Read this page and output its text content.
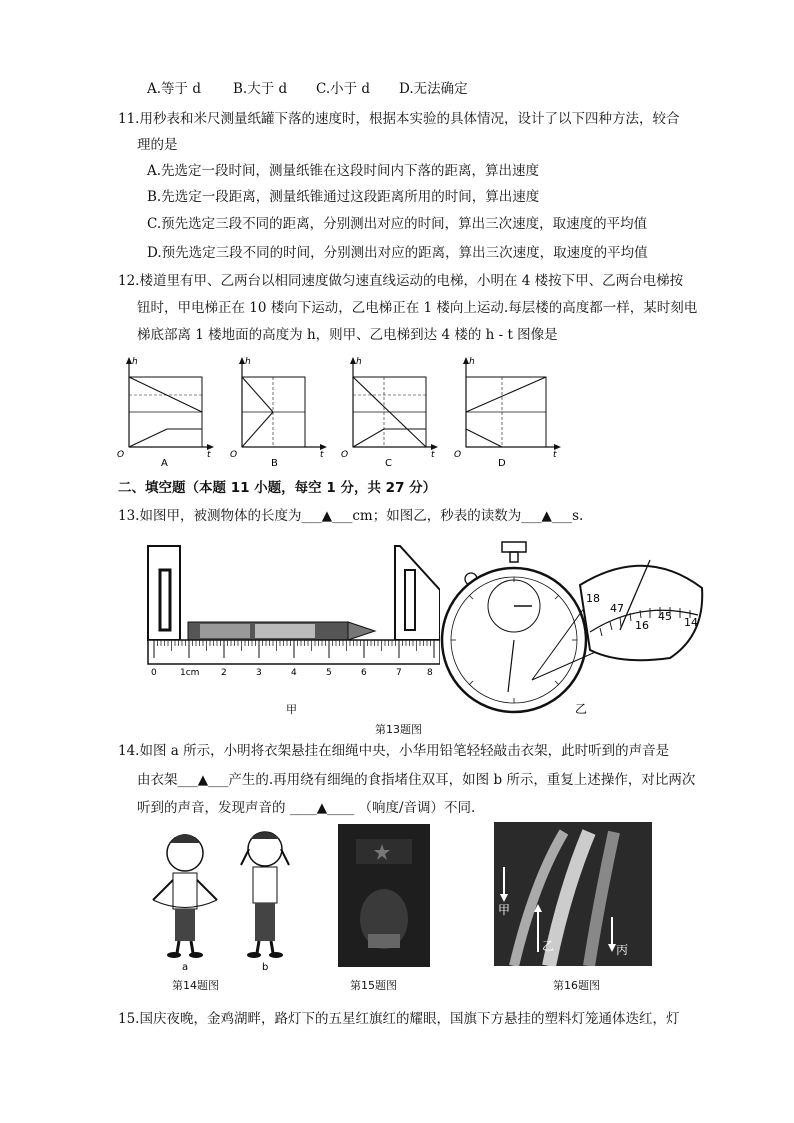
A.等于 d B.大于 d C.小于 d D.无法确定
11.用秒表和米尺测量纸罐下落的速度时，根据本实验的具体情况，设计了以下四种方法，较合
理的是
A.先选定一段时间，测量纸锥在这段时间内下落的距离，算出速度
B.先选定一段距离，测量纸锥通过这段距离所用的时间，算出速度
C.预先选定三段不同的距离，分别测出对应的时间，算出三次速度，取速度的平均值
D.预先选定三段不同的时间，分别测出对应的距离，算出三次速度，取速度的平均值
12.楼道里有甲、乙两台以相同速度做匀速直线运动的电梯，小明在 4 楼按下甲、乙两台电梯按
钮时，甲电梯正在 10 楼向下运动，乙电梯正在 1 楼向上运动.每层楼的高度都一样，某时刻电
梯底部离 1 楼地面的高度为 h，则甲、乙电梯到达 4 楼的 h - t 图像是
h
O	t
A
h
O	t
B
h
O	t
C
h
O	t
D
二、填空题（本题 11 小题，每空 1 分，共 27 分）
13.如图甲，被测物体的长度为___▲___cm；如图乙，秒表的读数为___▲___s.
0	1cm 2	3	4	5	6	7	8
甲
18
47
16
45 14
乙
第13题图
14.如图 a 所示，小明将衣架悬挂在细绳中央，小华用铅笔轻轻敲击衣架，此时听到的声音是
由衣架___▲___产生的.再用绕有细绳的食指堵住双耳，如图 b 所示，重复上述操作，对比两次
听到的声音，发现声音的 ____▲____ （响度/音调）不同.
a	b
第14题图	第15题图
甲
乙	丙
第16题图
15.国庆夜晚，金鸡湖畔，路灯下的五星红旗红的耀眼，国旗下方悬挂的塑料灯笼通体迭红，灯
